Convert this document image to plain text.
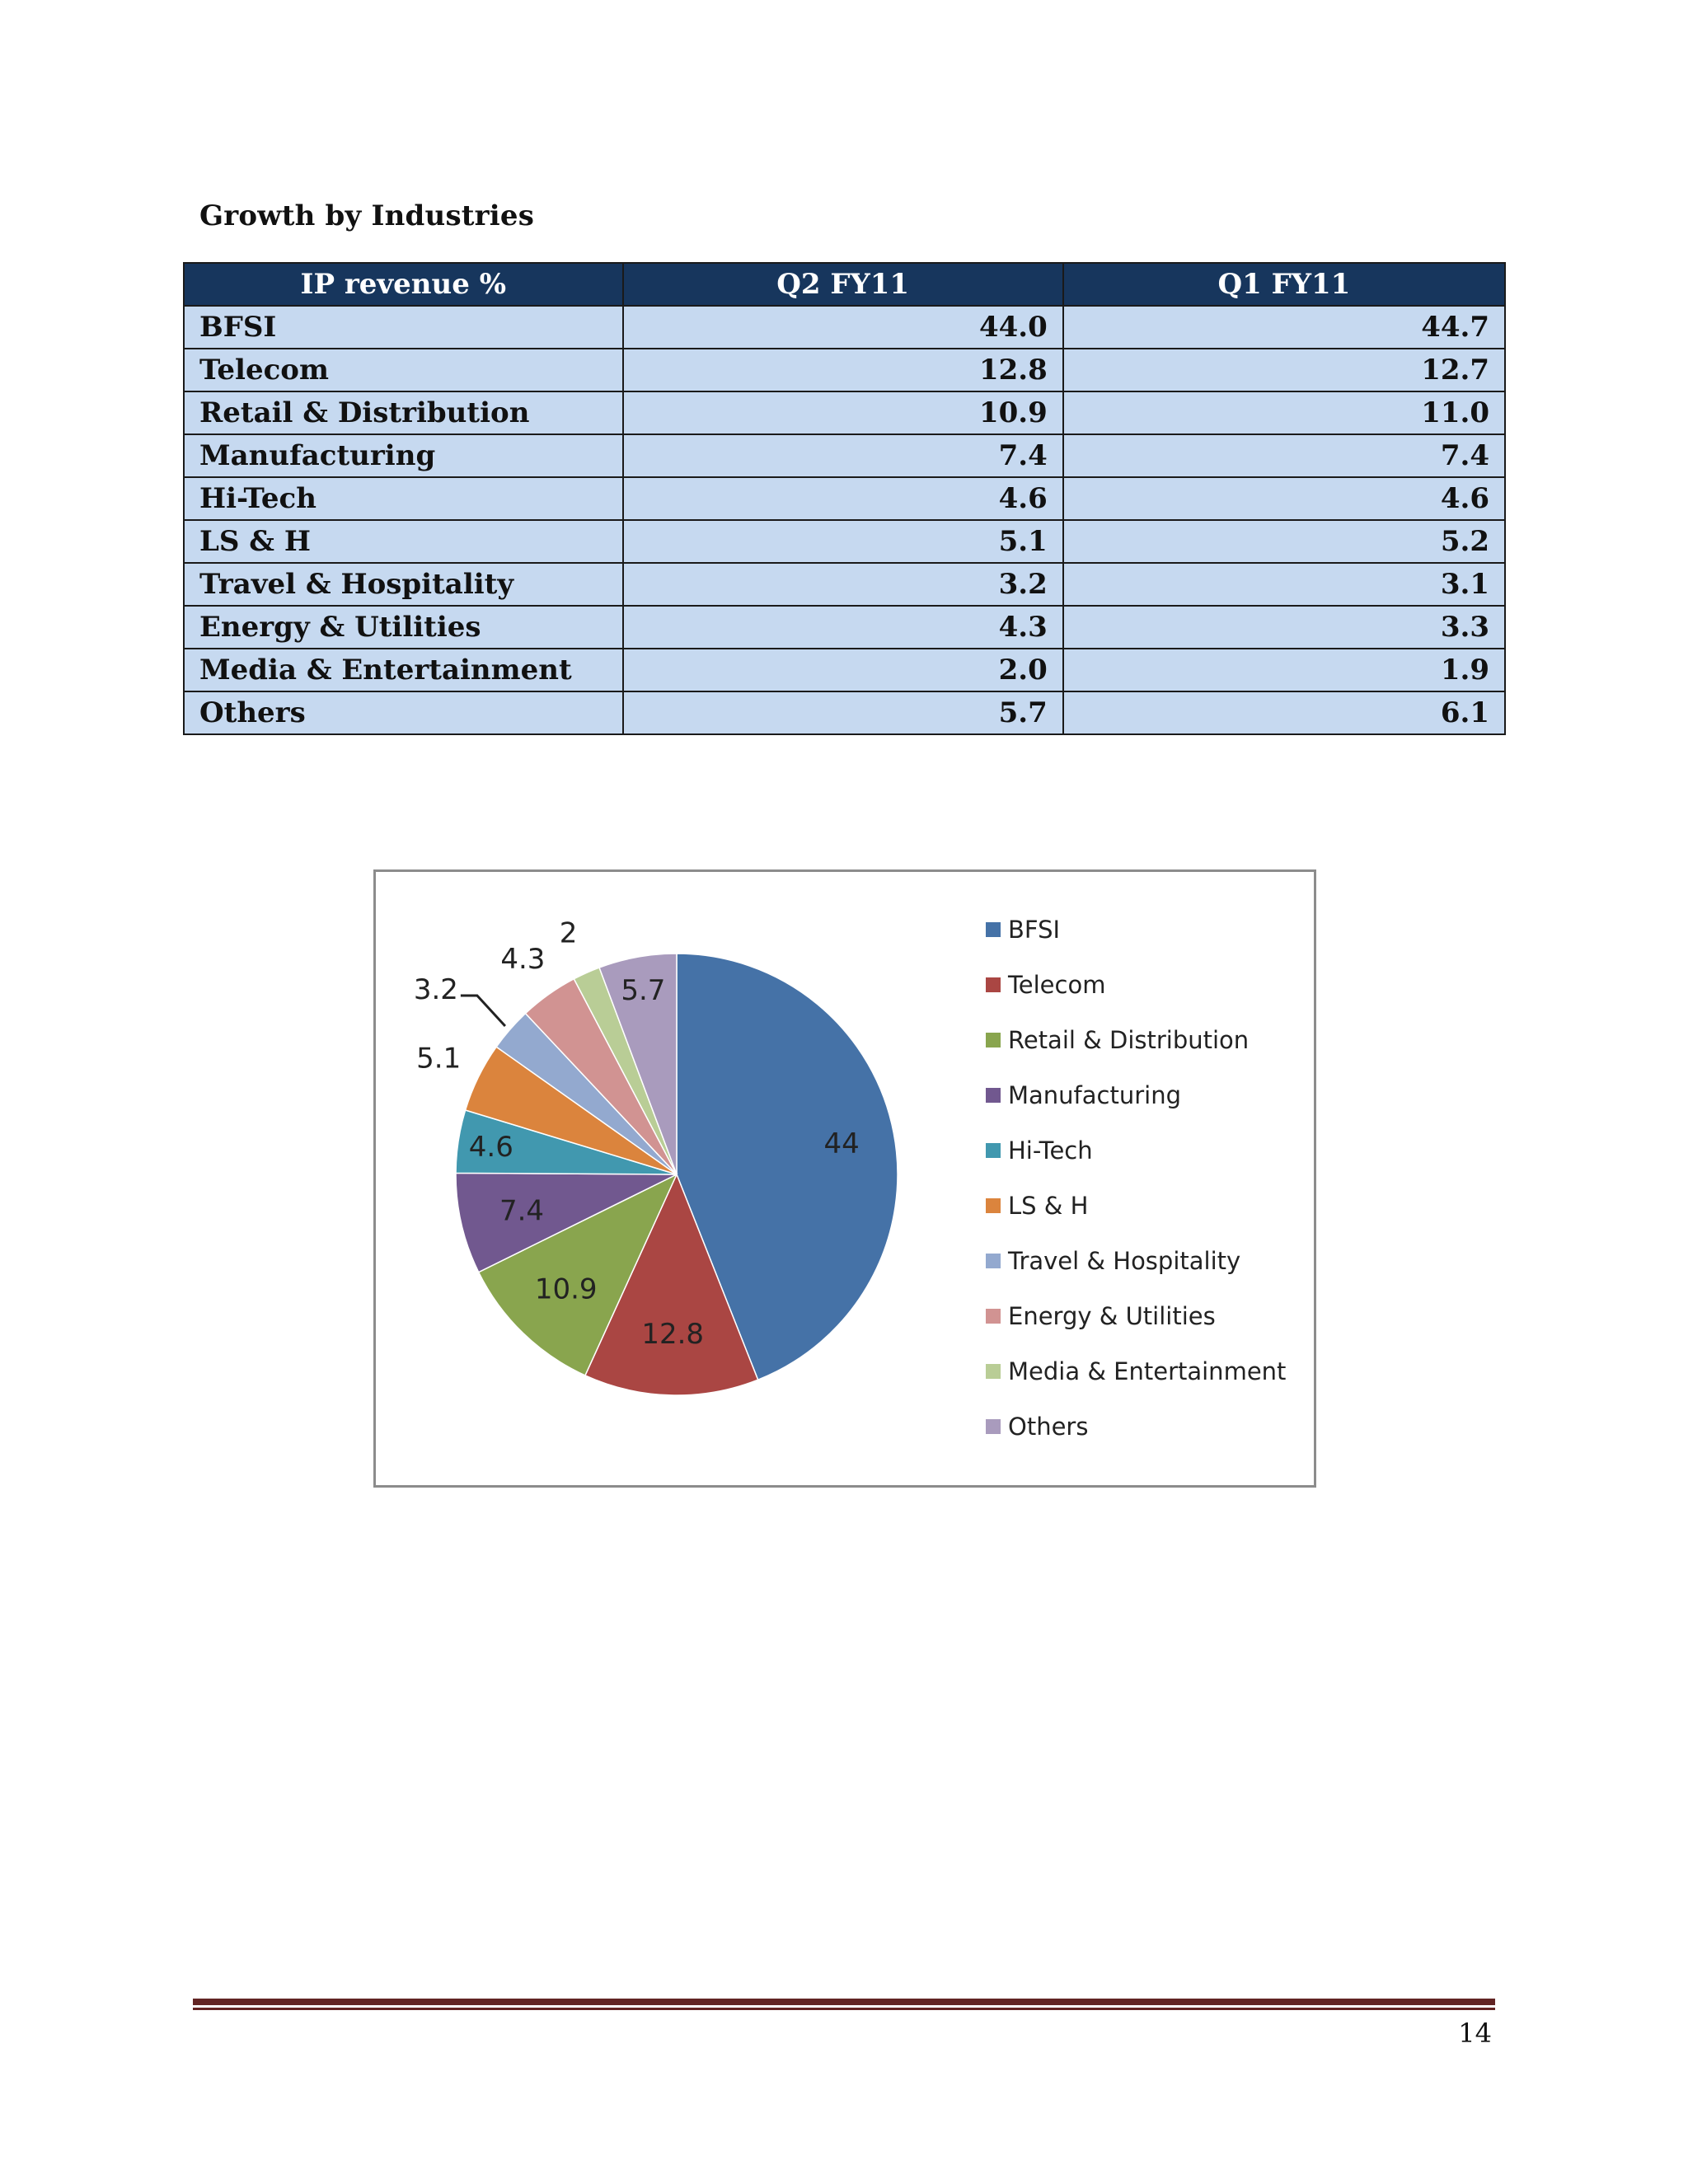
Growth by Industries
IP revenue %	Q2 FY11	Q1 FY11
BFSI	44.0	44.7
Telecom	12.8	12.7
Retail & Distribution	10.9	11.0
Manufacturing	7.4	7.4
Hi-Tech	4.6	4.6
LS & H	5.1	5.2
Travel & Hospitality	3.2	3.1
Energy & Utilities	4.3	3.3
Media & Entertainment	2.0	1.9
Others	5.7	6.1
44
12.8
10.9
7.4
4.6
5.1
3.2
4.3
2
5.7
BFSI
Telecom
Retail & Distribution
Manufacturing
Hi-Tech
LS & H
Travel & Hospitality
Energy & Utilities
Media & Entertainment
Others
14
